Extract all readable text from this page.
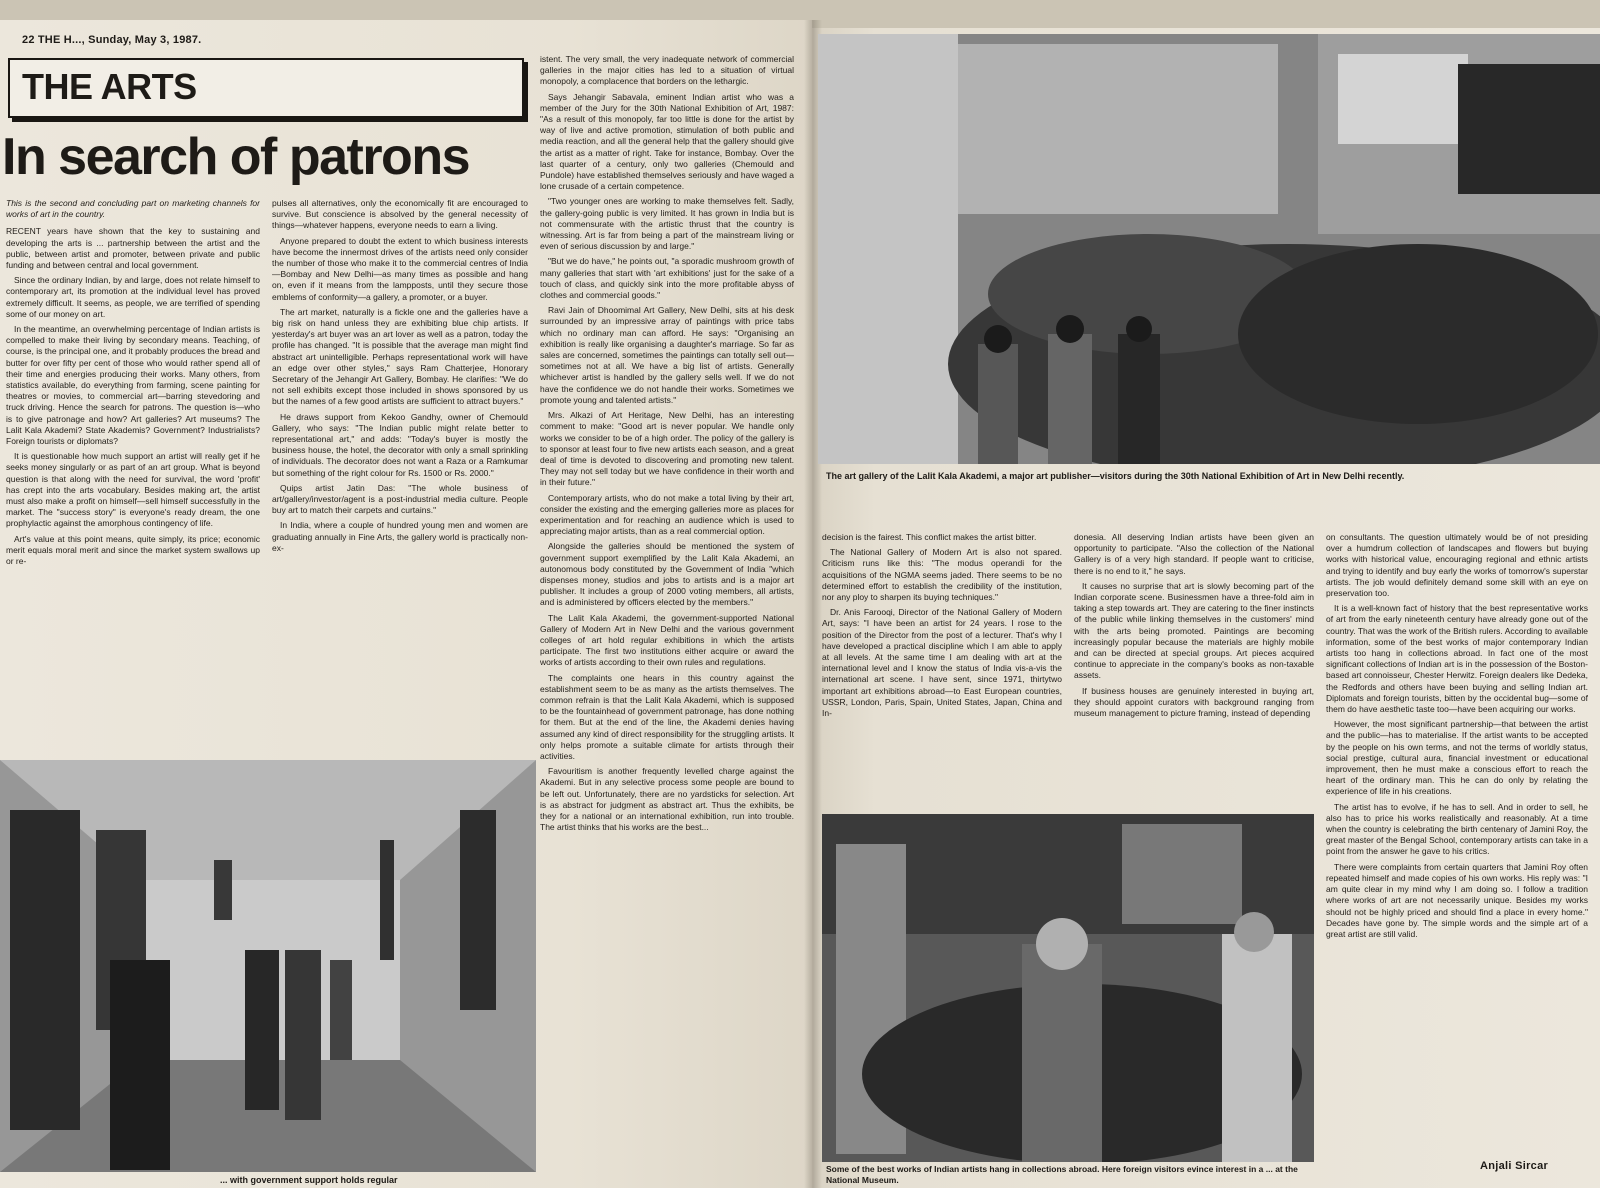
22 THE H..., Sunday, May 3, 1987.
THE ARTS
In search of patrons

This is the second and concluding part on marketing channels for works of art in the country.

RECENT years have shown that the key to sustaining and developing the arts is ... partnership between the artist and the public, between artist and promoter, between private and public funding and between central and local government.

Since the ordinary Indian, by and large, does not relate himself to contemporary art, its promotion at the individual level has proved extremely difficult. It seems, as people, we are terrified of spending some of our money on art.

In the meantime, an overwhelming percentage of Indian artists is compelled to make their living by secondary means. Teaching, of course, is the principal one, and it probably produces the bread and butter for over fifty per cent of those who would rather spend all of their time and energies producing their works. Many others, from statistics available, do everything from farming, scene painting for theatres or movies, to commercial art—barring stevedoring and truck driving. Hence the search for patrons. The question is—who is to give patronage and how? Art galleries? Art museums? The Lalit Kala Akademi? State Akademis? Government? Industrialists? Foreign tourists or diplomats?

It is questionable how much support an artist will really get if he seeks money singularly or as part of an art group. What is beyond question is that along with the need for survival, the word 'profit' has crept into the arts vocabulary. Besides making art, the artist must also make a profit on himself—sell himself successfully in the market. The "success story" is everyone's ready dream, the one prophylactic against the amorphous contingency of life.

Art's value at this point means, quite simply, its price; economic merit equals moral merit and since the market system swallows up or re-

pulses all alternatives, only the economically fit are encouraged to survive. But conscience is absolved by the general necessity of things—whatever happens, everyone needs to earn a living.

Anyone prepared to doubt the extent to which business interests have become the innermost drives of the artists need only consider the number of those who make it to the commercial centres of India—Bombay and New Delhi—as many times as possible and hang on, even if it means from the lampposts, until they secure those emblems of conformity—a gallery, a promoter, or a buyer.

The art market, naturally is a fickle one and the galleries have a big risk on hand unless they are exhibiting blue chip artists. If yesterday's art buyer was an art lover as well as a patron, today the profile has changed. "It is possible that the average man might find abstract art unintelligible. Perhaps representational work will have an edge over other styles," says Ram Chatterjee, Honorary Secretary of the Jehangir Art Gallery, Bombay. He clarifies: "We do not sell exhibits except those included in shows sponsored by us but the names of a few good artists are sufficient to attract buyers."

He draws support from Kekoo Gandhy, owner of Chemould Gallery, who says: "The Indian public might relate better to representational art," and adds: "Today's buyer is mostly the business house, the hotel, the decorator with only a small sprinkling of individuals. The decorator does not want a Raza or a Ramkumar but something of the right colour for Rs. 1500 or Rs. 2000."

Quips artist Jatin Das: "The whole business of art/gallery/investor/agent is a post-industrial media culture. People buy art to match their carpets and curtains."

In India, where a couple of hundred young men and women are graduating annually in Fine Arts, the gallery world is practically non-ex-

istent. The very small, the very inadequate network of commercial galleries in the major cities has led to a situation of virtual monopoly, a complacence that borders on the lethargic.

Says Jehangir Sabavala, eminent Indian artist who was a member of the Jury for the 30th National Exhibition of Art, 1987: "As a result of this monopoly, far too little is done for the artist by way of live and active promotion, stimulation of both public and media reaction, and all the general help that the gallery should give the artist as a matter of right. Take for instance, Bombay. Over the last quarter of a century, only two galleries (Chemould and Pundole) have established themselves seriously and have waged a lone crusade of a certain competence.

"Two younger ones are working to make themselves felt. Sadly, the gallery-going public is very limited. It has grown in India but is not commensurate with the artistic thrust that the country is witnessing. Art is far from being a part of the mainstream living or even of serious discussion by and large."

"But we do have," he points out, "a sporadic mushroom growth of many galleries that start with 'art exhibitions' just for the sake of a touch of class, and quickly sink into the more profitable abyss of clothes and commercial goods."

Ravi Jain of Dhoomimal Art Gallery, New Delhi, sits at his desk surrounded by an impressive array of paintings with price tabs which no ordinary man can afford. He says: "Organising an exhibition is really like organising a daughter's marriage. So far as sales are concerned, sometimes the paintings can totally sell out—sometimes not at all. We have a big list of artists. Generally whichever artist is handled by the gallery sells well. If we do not have the confidence we do not handle their works. Sometimes we promote young and talented artists."

Mrs. Alkazi of Art Heritage, New Delhi, has an interesting comment to make: "Good art is never popular. We handle only works we consider to be of a high order. The policy of the gallery is to sponsor at least four to five new artists each season, and a great deal of time is devoted to discovering and promoting new talent. They may not sell today but we have confidence in their worth and in their future."

Contemporary artists, who do not make a total living by their art, consider the existing and the emerging galleries more as places for experimentation and for reaching an audience which is used to appreciating major artists, than as a real commercial option.

Alongside the galleries should be mentioned the system of government support exemplified by the Lalit Kala Akademi, an autonomous body constituted by the Government of India "which dispenses money, studios and jobs to artists and is a major art publisher. It includes a group of 2000 voting members, all artists, and is administered by officers elected by the members."

The Lalit Kala Akademi, the government-supported National Gallery of Modern Art in New Delhi and the various government colleges of art hold regular exhibitions in which the artists participate. The first two institutions either acquire or award the works of artists according to their own rules and regulations.

The complaints one hears in this country against the establishment seem to be as many as the artists themselves. The common refrain is that the Lalit Kala Akademi, which is supposed to be the fountainhead of government patronage, has done nothing for them. But at the end of the line, the Akademi denies having assumed any kind of direct responsibility for the struggling artists. It only helps promote a suitable climate for artists through their activities.

Favouritism is another frequently levelled charge against the Akademi. But in any selective process some people are bound to be left out. Unfortunately, there are no yardsticks for selection. Art is as abstract for judgment as abstract art. Thus the exhibits, be they for a national or an international exhibition, run into trouble. The artist thinks that his works are the best...

The art gallery of the Lalit Kala Akademi, a major art publisher—visitors during the 30th National Exhibition of Art in New Delhi recently.
... with government support holds regular

decision is the fairest. This conflict makes the artist bitter.

The National Gallery of Modern Art is also not spared. Criticism runs like this: "The modus operandi for the acquisitions of the NGMA seems jaded. There seems to be no determined effort to establish the credibility of the institution, nor any ploy to sharpen its buying techniques."

Dr. Anis Farooqi, Director of the National Gallery of Modern Art, says: "I have been an artist for 24 years. I rose to the position of the Director from the post of a lecturer. That's why I have developed a practical discipline which I am able to apply at all levels. At the same time I am dealing with art at the international level and I know the status of India vis-a-vis the international art scene. I have sent, since 1971, thirtytwo important art exhibitions abroad—to East European countries, USSR, London, Paris, Spain, United States, Japan, China and In-

donesia. All deserving Indian artists have been given an opportunity to participate. "Also the collection of the National Gallery is of a very high standard. If people want to criticise, there is no end to it," he says.

It causes no surprise that art is slowly becoming part of the Indian corporate scene. Businessmen have a three-fold aim in taking a step towards art. They are catering to the finer instincts of the public while linking themselves in the customers' mind with the arts being promoted. Paintings are becoming increasingly popular because the materials are highly mobile and can be directed at special groups. Art pieces acquired continue to appreciate in the company's books as non-taxable assets.

If business houses are genuinely interested in buying art, they should appoint curators with background ranging from museum management to picture framing, instead of depending

Some of the best works of Indian artists hang in collections abroad. Here foreign visitors evince interest in a ... at the National Museum.

on consultants. The question ultimately would be of not presiding over a humdrum collection of landscapes and flowers but buying works with historical value, encouraging regional and ethnic artists and trying to identify and buy early the works of tomorrow's superstar artists. The job would definitely demand some skill with an eye on preservation too.

It is a well-known fact of history that the best representative works of art from the early nineteenth century have already gone out of the country. That was the work of the British rulers. According to available information, some of the best works of major contemporary Indian artists too hang in collections abroad. In fact one of the most significant collections of Indian art is in the possession of the Boston-based art connoisseur, Chester Herwitz. Foreign dealers like Dedeka, the Redfords and others have been buying and selling Indian art. Diplomats and foreign tourists, bitten by the occidental bug—some of them do have aesthetic taste too—have been acquiring our works.

However, the most significant partnership—that between the artist and the public—has to materialise. If the artist wants to be accepted by the people on his own terms, and not the terms of worldly status, social prestige, cultural aura, financial investment or educational improvement, then he must make a conscious effort to reach the heart of the ordinary man. This he can do only by relating the experience of life in his creations.

The artist has to evolve, if he has to sell. And in order to sell, he also has to price his works realistically and reasonably. At a time when the country is celebrating the birth centenary of Jamini Roy, the great master of the Bengal School, contemporary artists can take in a point from the answer he gave to his critics.

There were complaints from certain quarters that Jamini Roy often repeated himself and made copies of his own works. His reply was: "I am quite clear in my mind why I am doing so. I follow a tradition where works of art are not necessarily unique. Besides my works should not be highly priced and should find a place in every home." Decades have gone by. The simple words and the simple art of a great artist are still valid.

Anjali Sircar
